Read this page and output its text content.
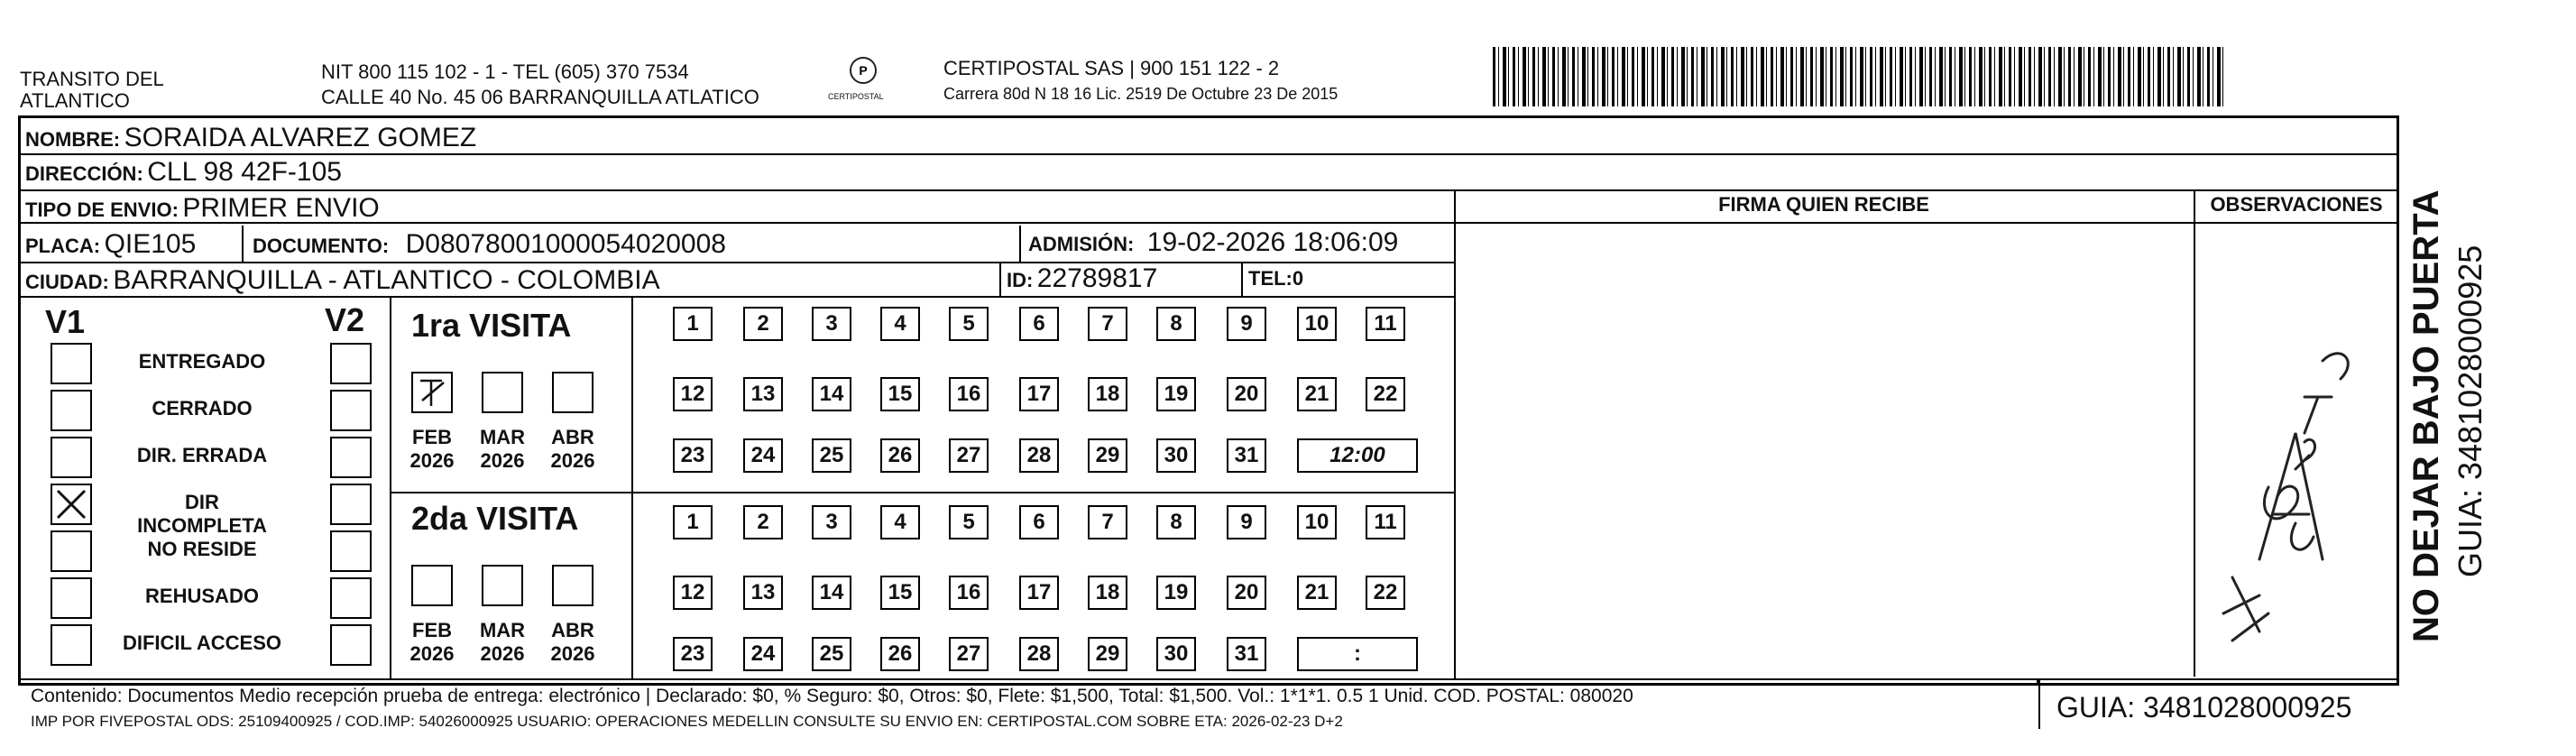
TRANSITO DEL
ATLANTICO
NIT 800 115 102 - 1 - TEL (605) 370 7534
CALLE 40 No. 45 06 BARRANQUILLA ATLATICO
P
CERTIPOSTAL
CERTIPOSTAL SAS | 900 151 122 - 2
Carrera 80d N 18 16 Lic. 2519 De Octubre 23 De 2015
NOMBRE: SORAIDA ALVAREZ GOMEZ
DIRECCIÓN: CLL 98 42F-105
TIPO DE ENVIO: PRIMER ENVIO
PLACA: QIE105	DOCUMENTO: D08078001000054020008	ADMISIÓN: 19-02-2026 18:06:09
CIUDAD: BARRANQUILLA - ATLANTICO - COLOMBIA	ID: 22789817	TEL:0
FIRMA QUIEN RECIBE	OBSERVACIONES
V1	V2
ENTREGADO
CERRADO
DIR. ERRADA
DIR INCOMPLETA
NO RESIDE
REHUSADO
DIFICIL ACCESO
1ra VISITA
2da VISITA
FEB
2026
MAR
2026
ABR
2026
FEB
2026
MAR
2026
ABR
2026
1	2	3	4	5	6	7	8	9	10	11
12	13	14	15	16	17	18	19	20	21	22
23	24	25	26	27	28	29	30	31	12:00
1	2	3	4	5	6	7	8	9	10	11
12	13	14	15	16	17	18	19	20	21	22
23	24	25	26	27	28	29	30	31	:
NO DEJAR BAJO PUERTA GUIA: 3481028000925
Contenido: Documentos Medio recepción prueba de entrega: electrónico | Declarado: $0, % Seguro: $0, Otros: $0, Flete: $1,500, Total: $1,500. Vol.: 1*1*1. 0.5 1 Unid. COD. POSTAL: 080020
IMP POR FIVEPOSTAL ODS: 25109400925 / COD.IMP: 54026000925 USUARIO: OPERACIONES MEDELLIN CONSULTE SU ENVIO EN: CERTIPOSTAL.COM SOBRE ETA: 2026-02-23 D+2	GUIA: 3481028000925
